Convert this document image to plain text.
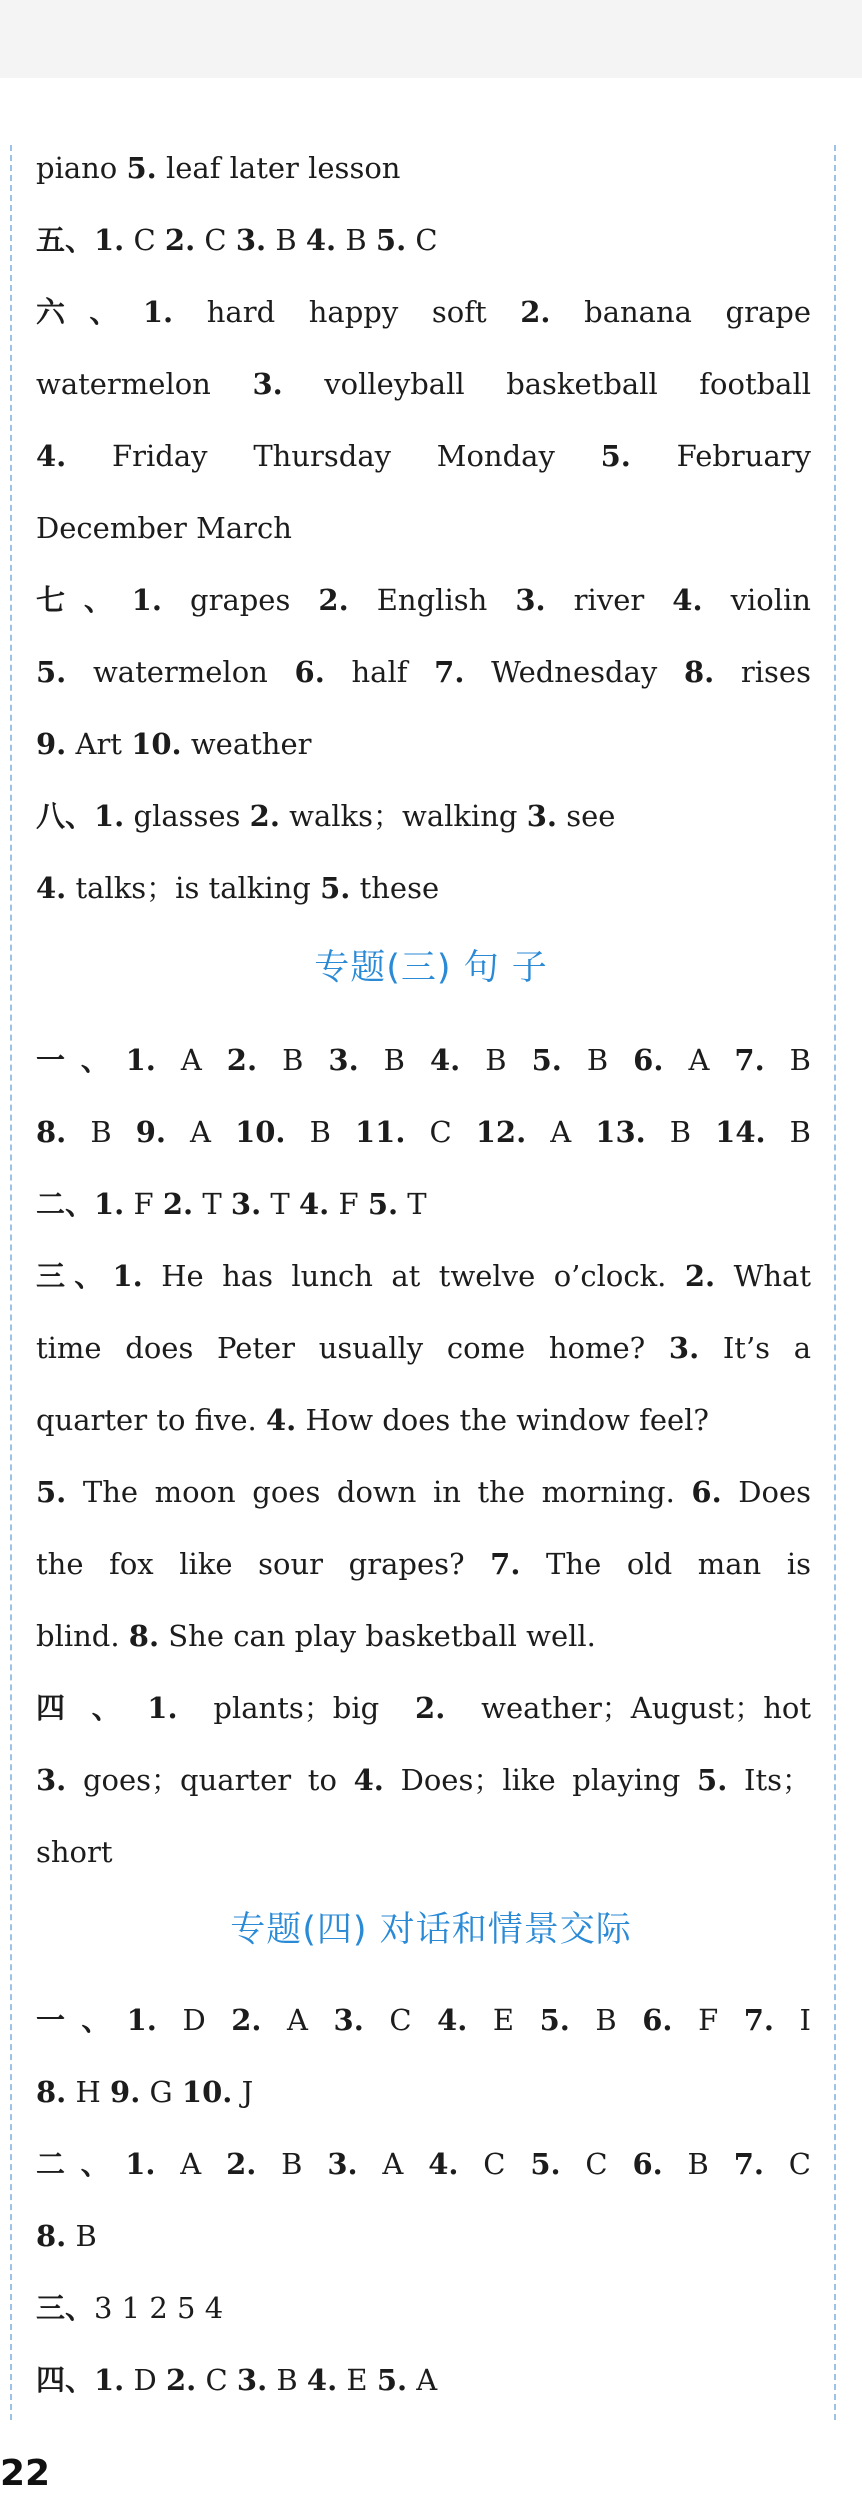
piano 5. leaf later lesson
五、1. C 2. C 3. B 4. B 5. C
六、1. hard happy soft 2. banana grape
watermelon 3. volleyball basketball football
4. Friday Thursday Monday 5. February
December March
七、1. grapes 2. English 3. river 4. violin
5. watermelon 6. half 7. Wednesday 8. rises
9. Art 10. weather
八、1. glasses 2. walks；walking 3. see
4. talks；is talking 5. these
专题(三) 句 子
一、1. A 2. B 3. B 4. B 5. B 6. A 7. B
8. B 9. A 10. B 11. C 12. A 13. B 14. B
二、1. F 2. T 3. T 4. F 5. T
三、1. He has lunch at twelve o’clock. 2. What
time does Peter usually come home? 3. It’s a
quarter to five. 4. How does the window feel?
5. The moon goes down in the morning. 6. Does
the fox like sour grapes? 7. The old man is
blind. 8. She can play basketball well.
四、1. plants；big 2. weather；August；hot
3. goes；quarter to 4. Does；like playing 5. Its；
short
专题(四) 对话和情景交际
一、1. D 2. A 3. C 4. E 5. B 6. F 7. I
8. H 9. G 10. J
二、1. A 2. B 3. A 4. C 5. C 6. B 7. C
8. B
三、3 1 2 5 4
四、1. D 2. C 3. B 4. E 5. A
22
